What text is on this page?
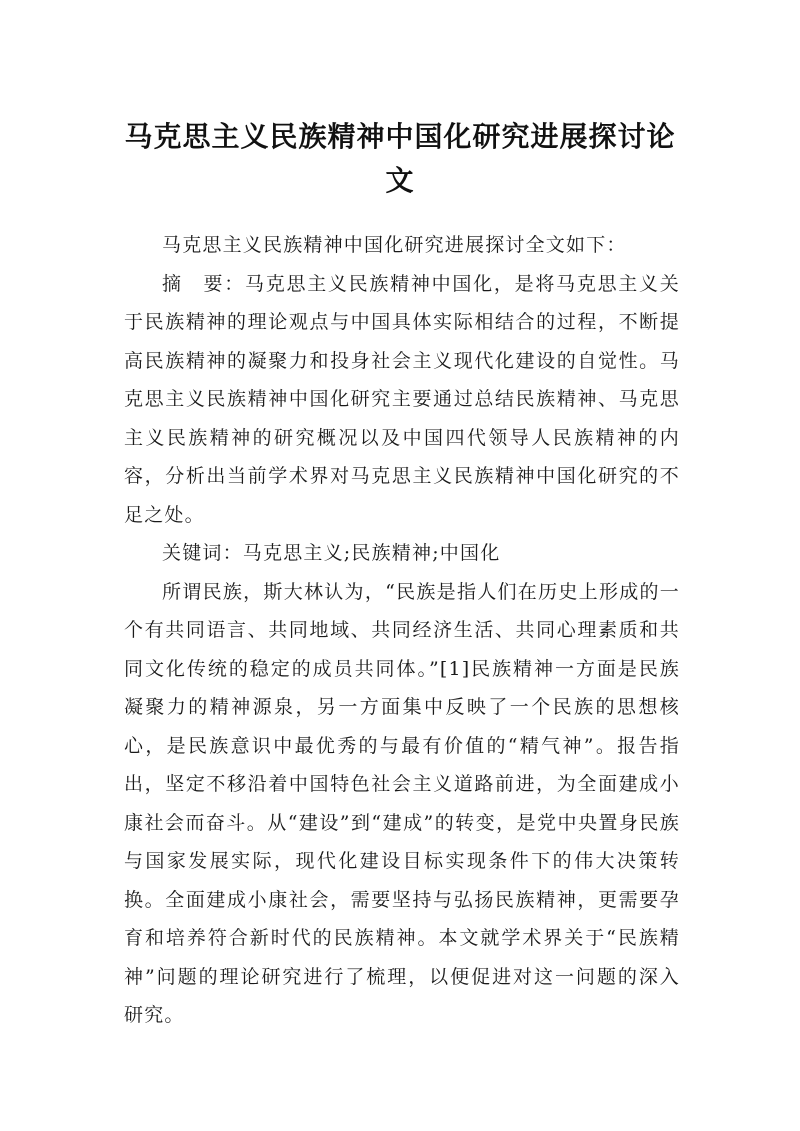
马克思主义民族精神中国化研究进展探讨论文

马克思主义民族精神中国化研究进展探讨全文如下：

摘　要：马克思主义民族精神中国化，是将马克思主义关于民族精神的理论观点与中国具体实际相结合的过程，不断提高民族精神的凝聚力和投身社会主义现代化建设的自觉性。马克思主义民族精神中国化研究主要通过总结民族精神、马克思主义民族精神的研究概况以及中国四代领导人民族精神的内容，分析出当前学术界对马克思主义民族精神中国化研究的不足之处。

关键词：马克思主义;民族精神;中国化

所谓民族，斯大林认为，“民族是指人们在历史上形成的一个有共同语言、共同地域、共同经济生活、共同心理素质和共同文化传统的稳定的成员共同体。”[1]民族精神一方面是民族凝聚力的精神源泉，另一方面集中反映了一个民族的思想核心，是民族意识中最优秀的与最有价值的“精气神”。报告指出，坚定不移沿着中国特色社会主义道路前进，为全面建成小康社会而奋斗。从“建设”到“建成”的转变，是党中央置身民族与国家发展实际，现代化建设目标实现条件下的伟大决策转换。全面建成小康社会，需要坚持与弘扬民族精神，更需要孕育和培养符合新时代的民族精神。本文就学术界关于“民族精神”问题的理论研究进行了梳理，以便促进对这一问题的深入研究。
